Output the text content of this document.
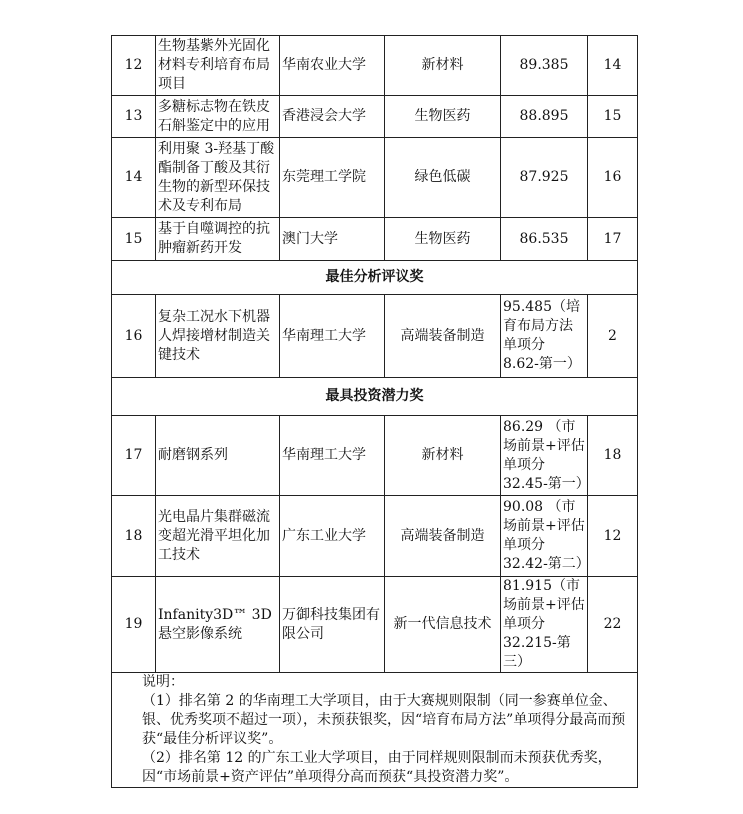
12	生物基紫外光固化材料专利培育布局项目	华南农业大学	新材料	89.385	14
13	多糖标志物在铁皮石斛鉴定中的应用	香港浸会大学	生物医药	88.895	15
14	利用聚 3-羟基丁酸酯制备丁酸及其衍生物的新型环保技术及专利布局	东莞理工学院	绿色低碳	87.925	16
15	基于自噬调控的抗肿瘤新药开发	澳门大学	生物医药	86.535	17
最佳分析评议奖					
16	复杂工况水下机器人焊接增材制造关键技术	华南理工大学	高端装备制造	95.485（培育布局方法单项分 8.62-第一）	2
最具投资潜力奖					
17	耐磨钢系列	华南理工大学	新材料	86.29 （市场前景+评估单项分 32.45-第一）	18
18	光电晶片集群磁流变超光滑平坦化加工技术	广东工业大学	高端装备制造	90.08 （市场前景+评估单项分 32.42-第二）	12
19	Infanity3D™ 3D 悬空影像系统	万御科技集团有限公司	新一代信息技术	81.915（市场前景+评估单项分 32.215-第三）	22

说明：
（1）排名第 2 的华南理工大学项目，由于大赛规则限制（同一参赛单位金、银、优秀奖项不超过一项），未预获银奖，因“培育布局方法”单项得分最高而预获“最佳分析评议奖”。
（2）排名第 12 的广东工业大学项目，由于同样规则限制而未预获优秀奖，因“市场前景+资产评估”单项得分高而预获“具投资潜力奖”。					
